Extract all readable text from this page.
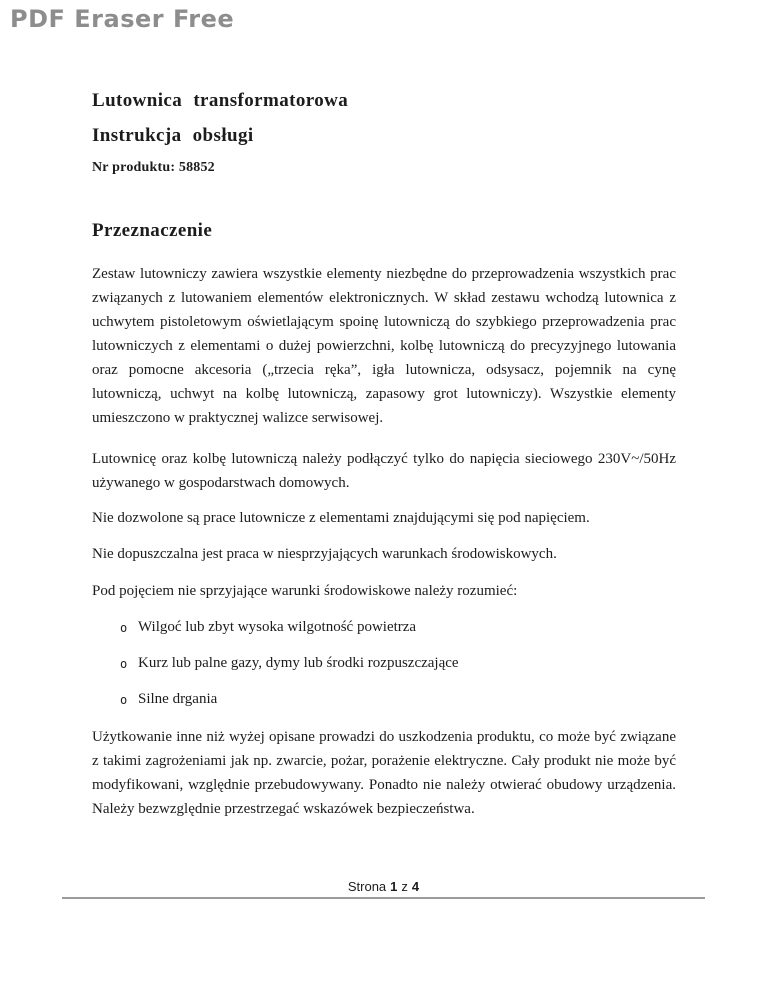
PDF Eraser Free
Lutownica transformatorowa
Instrukcja obsługi
Nr produktu: 58852
Przeznaczenie

Zestaw lutowniczy zawiera wszystkie elementy niezbędne do przeprowadzenia wszystkich prac związanych z lutowaniem elementów elektronicznych. W skład zestawu wchodzą lutownica z uchwytem pistoletowym oświetlającym spoinę lutowniczą do szybkiego przeprowadzenia prac lutowniczych z elementami o dużej powierzchni, kolbę lutowniczą do precyzyjnego lutowania oraz pomocne akcesoria („trzecia ręka”, igła lutownicza, odsysacz, pojemnik na cynę lutowniczą, uchwyt na kolbę lutowniczą, zapasowy grot lutowniczy). Wszystkie elementy umieszczono w praktycznej walizce serwisowej.

Lutownicę oraz kolbę lutowniczą należy podłączyć tylko do napięcia sieciowego 230V~/50Hz używanego w gospodarstwach domowych.

Nie dozwolone są prace lutownicze z elementami znajdującymi się pod napięciem.

Nie dopuszczalna jest praca w niesprzyjających warunkach środowiskowych.

Pod pojęciem nie sprzyjające warunki środowiskowe należy rozumieć:

o Wilgoć lub zbyt wysoka wilgotność powietrza
o Kurz lub palne gazy, dymy lub środki rozpuszczające
o Silne drgania

Użytkowanie inne niż wyżej opisane prowadzi do uszkodzenia produktu, co może być związane z takimi zagrożeniami jak np. zwarcie, pożar, porażenie elektryczne. Cały produkt nie może być modyfikowani, względnie przebudowywany. Ponadto nie należy otwierać obudowy urządzenia. Należy bezwzględnie przestrzegać wskazówek bezpieczeństwa.

Strona 1 z 4
